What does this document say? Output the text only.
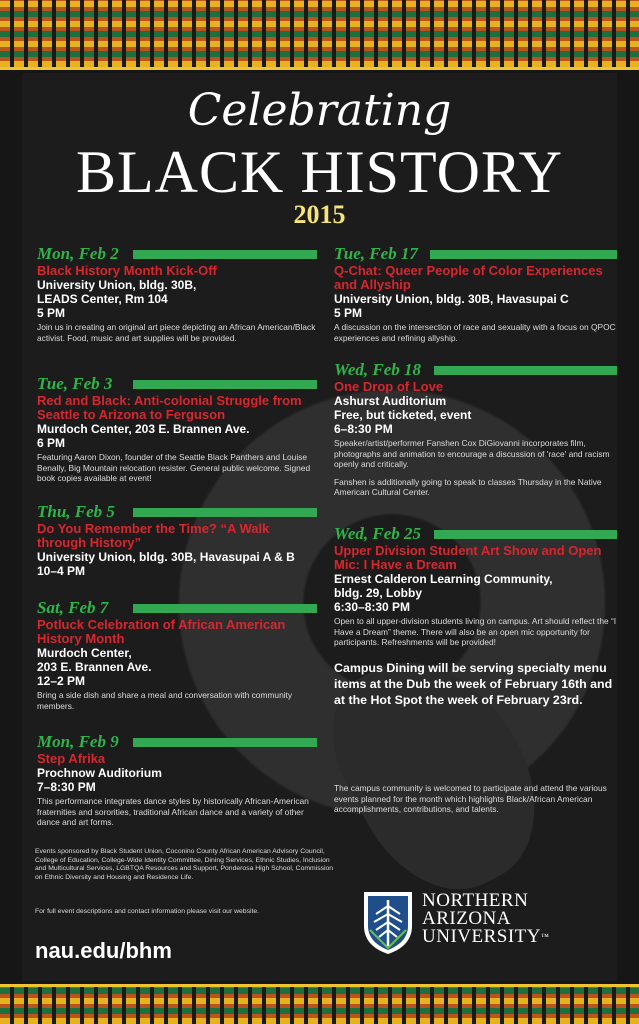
Celebrating
BLACK HISTORY
2015
Mon, Feb 2
Black History Month Kick-Off
University Union, bldg. 30B,
LEADS Center, Rm 104
5 PM
Join us in creating an original art piece depicting an African American/Black activist. Food, music and art supplies will be provided.
Tue, Feb 3
Red and Black: Anti-colonial Struggle from Seattle to Arizona to Ferguson
Murdoch Center, 203 E. Brannen Ave.
6 PM
Featuring Aaron Dixon, founder of the Seattle Black Panthers and Louise Benally, Big Mountain relocation resister. General public welcome. Signed book copies available at event!
Thu, Feb 5
Do You Remember the Time? “A Walk through History”
University Union, bldg. 30B, Havasupai A & B
10–4 PM
Sat, Feb 7
Potluck Celebration of African American History Month
Murdoch Center,
203 E. Brannen Ave.
12–2 PM
Bring a side dish and share a meal and conversation with community members.
Mon, Feb 9
Step Afrika
Prochnow Auditorium
7–8:30 PM
This performance integrates dance styles by historically African-American fraternities and sororities, traditional African dance and a variety of other dance and art forms.
Tue, Feb 17
Q-Chat: Queer People of Color Experiences and Allyship
University Union, bldg. 30B, Havasupai C
5 PM
A discussion on the intersection of race and sexuality with a focus on QPOC experiences and refining allyship.
Wed, Feb 18
One Drop of Love
Ashurst Auditorium
Free, but ticketed, event
6–8:30 PM
Speaker/artist/performer Fanshen Cox DiGiovanni incorporates film, photographs and animation to encourage a discussion of 'race' and racism openly and critically.
Fanshen is additionally going to speak to classes Thursday in the Native American Cultural Center.
Wed, Feb 25
Upper Division Student Art Show and Open Mic: I Have a Dream
Ernest Calderon Learning Community,
bldg. 29, Lobby
6:30–8:30 PM
Open to all upper-division students living on campus. Art should reflect the “I Have a Dream” theme. There will also be an open mic opportunity for participants. Refreshments will be provided!
Campus Dining will be serving specialty menu items at the Dub the week of February 16th and at the Hot Spot the week of February 23rd.
The campus community is welcomed to participate and attend the various events planned for the month which highlights Black/African American accomplishments, contributions, and talents.
Events sponsored by Black Student Union, Coconino County African American Advisory Council, College of Education, College-Wide Identity Committee, Dining Services, Ethnic Studies, Inclusion and Multicultural Services, LGBTQA Resources and Support, Ponderosa High School, Commission on Ethnic Diversity and Housing and Residence Life.
For full event descriptions and contact information please visit our website.
nau.edu/bhm
NORTHERN
ARIZONA
UNIVERSITY™
